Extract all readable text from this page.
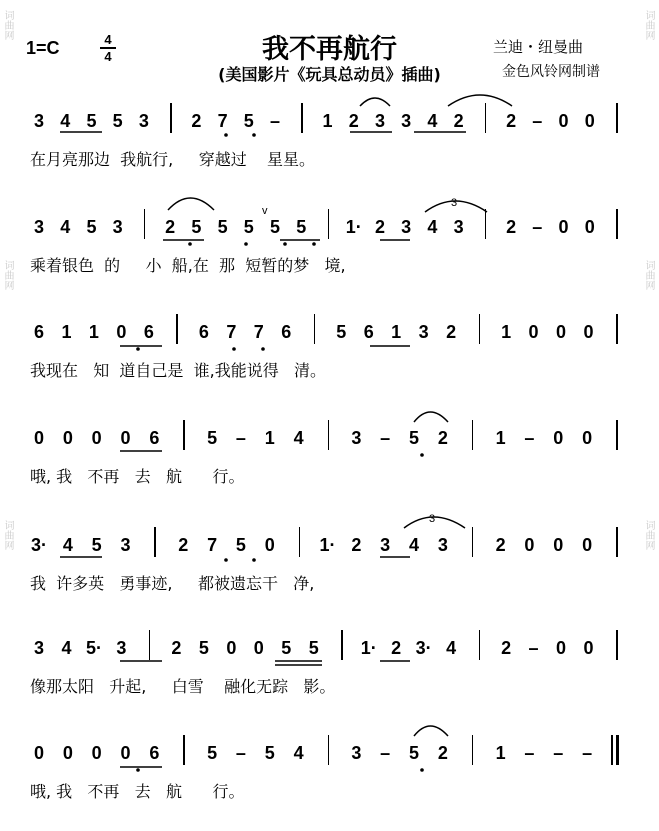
词曲网
词曲网
词曲网
词曲网
词曲网
词曲网
1=C	4
4	我不再航行
(美国影片《玩具总动员》插曲)
兰迪・纽曼曲
金色风铃网制谱
3 4 5 5 3 2 7 5 – 1 2 3 3 4 2 2 – 0 0
在月亮那边  我航行,     穿越过    星星。
3 4 5 3 2 5 5 5 5 5 1· 2 3 4 3 2 – 0 0
乘着银色  的     小  船,在  那  短暂的梦   境,
6 1 1 0 6 6 7 7 6 5 6 1 3 2 1 0 0 0
我现在   知  道自己是  谁,我能说得   清。
0 0 0 0 6	5 – 1 4	3 – 5 2	1 – 0 0
哦, 我   不再   去   航      行。
3· 4 5 3	2 7 5 0 1· 2 3 4 3	2 0 0 0
我  许多英   勇事迹,     都被遗忘干   净,
3 4 5· 3 2 5 0 0 5 5 1· 2 3· 4 2 – 0 0
像那太阳   升起,     白雪    融化无踪   影。
0 0 0 0 6	5 – 5 4	3 – 5 2	1 – – –
哦, 我   不再   去   航      行。
3
3
v
